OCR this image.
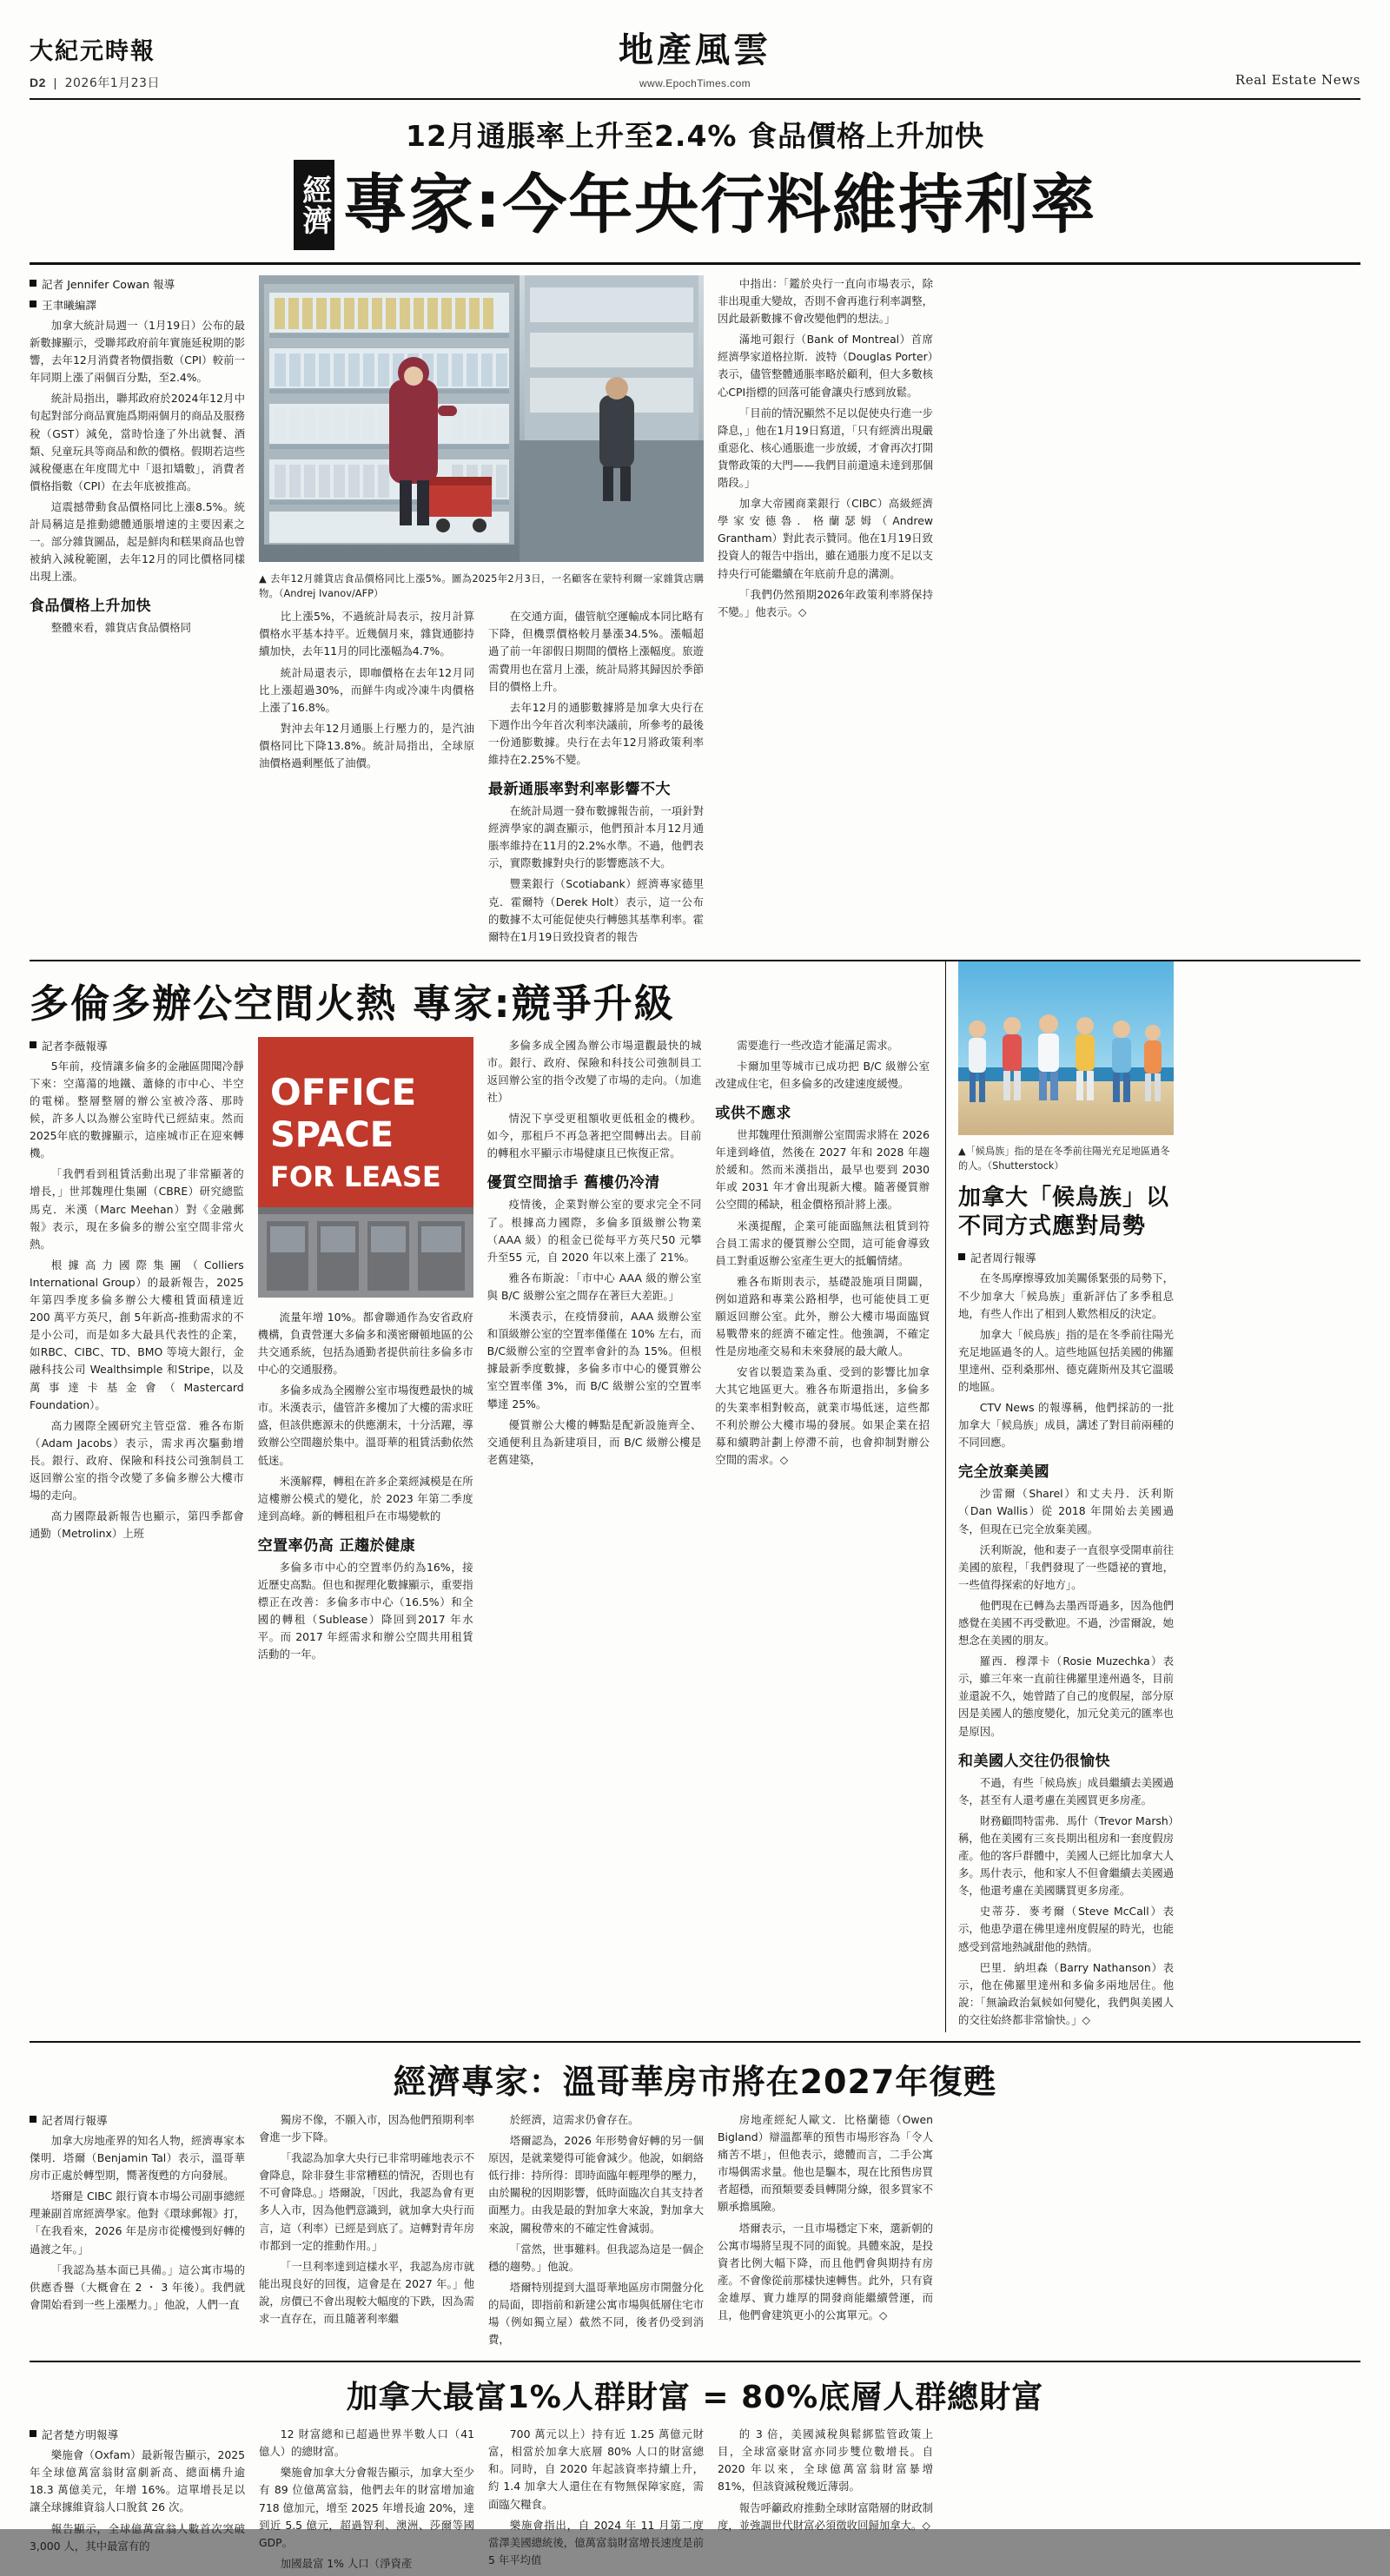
大紀元時報
D2  |  2026年1月23日
地產風雲
www.EpochTimes.com	Real Estate News
12月通脹率上升至2.4% 食品價格上升加快
經濟 專家:今年央行料維持利率
記者 Jennifer Cowan 報導
王聿曦編譯

加拿大統計局週一（1月19日）公布的最新數據顯示，受聯邦政府前年實施延稅期的影響，去年12月消費者物價指數（CPI）較前一年同期上漲了兩個百分點，至2.4%。

統計局指出，聯邦政府於2024年12月中旬起對部分商品實施爲期兩個月的商品及服務稅（GST）減免，當時恰逢了外出就餐、酒類、兒童玩具等商品和飲的價格。假期若這些減稅優惠在年度間尤中「退扣矯數」，消費者價格指數（CPI）在去年底被推高。

這震撼帶動食品價格同比上漲8.5%。統計局稱這是推動總體通脹增速的主要因素之一。部分雜貨圖品，起是鮮肉和糕果商品也曾被納入減稅範圍，去年12月的同比價格同樣出現上漲。

食品價格上升加快

整體來看，雜貨店食品價格同

▲ 去年12月雜貨店食品價格同比上漲5%。圖為2025年2月3日，一名顧客在蒙特利爾一家雜貨店購物。（Andrej Ivanov/AFP）

比上漲5%，不過統計局表示，按月計算價格水平基本持平。近幾個月來，雜貨通膨持續加快，去年11月的同比漲幅為4.7%。

統計局還表示，即咖價格在去年12月同比上漲超過30%，而鮮牛肉或冷凍牛肉價格上漲了16.8%。

對沖去年12月通脹上行壓力的，是汽油價格同比下降13.8%。統計局指出，全球原油價格過剩壓低了油價。

在交通方面，儘管航空運輸成本同比略有下降，但機票價格較月暴漲34.5%。漲幅超過了前一年卻假日期間的價格上漲幅度。旅遊需費用也在當月上漲，統計局將其歸因於季節目的價格上升。

去年12月的通膨數據將是加拿大央行在下週作出今年首次利率決議前，所參考的最後一份通膨數據。央行在去年12月將政策利率維持在2.25%不變。

最新通脹率對利率影響不大

在統計局週一發布數據報告前，一項針對經濟學家的調查顯示，他們預計本月12月通脹率維持在11月的2.2%水準。不過，他們表示，實際數據對央行的影響應該不大。

豐業銀行（Scotiabank）經濟專家德里克．霍爾特（Derek Holt）表示，這一公布的數據不太可能促使央行轉態其基準利率。霍爾特在1月19日致投資者的報告

中指出：「鑑於央行一直向市場表示，除非出現重大變故，否則不會再進行利率調整，因此最新數據不會改變他們的想法。」

滿地可銀行（Bank of Montreal）首席經濟學家道格拉斯．波特（Douglas Porter）表示，儘管整體通脹率略於顧利，但大多數核心CPI指標的回落可能會讓央行感到放鬆。

「目前的情況顯然不足以促使央行進一步降息，」他在1月19日寫道，「只有經濟出現嚴重惡化、核心通脹進一步放緩，才會再次打開貨幣政策的大門——我們目前還遠未達到那個階段。」

加拿大帝國商業銀行（CIBC）高級經濟學家安德魯．格蘭瑟姆（Andrew Grantham）對此表示贊同。他在1月19日致投資人的報告中指出，雖在通脹力度不足以支持央行可能繼續在年底前升息的溝測。

「我們仍然預期2026年政策利率將保持不變。」他表示。◇

多倫多辦公空間火熱 專家:競爭升級
記者李薇報導

5年前，疫情讓多倫多的金融區閒聞冷靜下來：空蕩蕩的地鐵、蕭條的市中心、半空的電梯。整層整層的辦公室被冷落、那時候，許多人以為辦公室時代已經結束。然而 2025年底的數據顯示，這座城市正在迎來轉機。

「我們看到租賃活動出現了非常顯著的增長，」世邦魏理仕集團（CBRE）研究總監馬克．米漢（Marc Meehan）對《金融郵報》表示，現在多倫多的辦公室空間非常火熱。

根據高力國際集團（Colliers International Group）的最新報告，2025年第四季度多倫多辦公大樓租賃面積達近 200 萬平方英尺，創 5年新高-推動需求的不是小公司，而是如多大最具代表性的企業，如RBC、CIBC、TD、BMO 等境大銀行，金融科技公司 Wealthsimple 和Stripe，以及萬事達卡基金會（Mastercard Foundation）。

高力國際全國研究主管亞當．雅各布斯（Adam Jacobs）表示，需求再次驅動增長。銀行、政府、保險和科技公司強制員工返回辦公室的指令改變了多倫多辦公大樓市場的走向。

高力國際最新報告也顯示，第四季都會通勤（Metrolinx）上班

OFFICE
SPACE
FOR LEASE

流量年增 10%。都會聯通作為安省政府機構，負責營運大多倫多和漢密爾頓地區的公共交通系統，包括為通勤者提供前往多倫多市中心的交通服務。

多倫多成為全國辦公室市場復甦最快的城市。米漢表示，儘管許多樓加了大樓的需求旺盛，但該供應源未的供應潮末，十分活躍，導致辦公空間趨於集中。溫哥華的租賃活動依然低迷。

米漢解釋，轉租在許多企業經減模是在所這樓辦公模式的變化，於 2023 年第二季度達到高峰。新的轉租租戶在市場變軟的

空置率仍高 正趨於健康

多倫多市中心的空置率仍約為16%，接近歷史高點。但也和握理化數據顯示，重要指標正在改善：多倫多市中心（16.5%）和全國的轉租（Sublease）降回到2017 年水平。而 2017 年經需求和辦公空間共用租賃活動的一年。

多倫多成全國為辦公市場還觀最快的城市。銀行、政府、保險和科技公司強制員工返回辦公室的指令改變了市場的走向。（加進社）

情況下享受更租額收更低租金的機秒。如今，那租戶不再急著把空間轉出去。目前的轉租水平顯示市場健康且已恢復正常。

優質空間搶手 舊樓仍冷清

疫情後，企業對辦公室的要求完全不同了。根據高力國際，多倫多頂級辦公物業（AAA 級）的租金已從每平方英尺50 元攀升至55 元，自 2020 年以來上漲了 21%。

雅各布斯說：「市中心 AAA 級的辦公室與 B/C 級辦公室之間存在著巨大差距。」

米漢表示，在疫情發前，AAA 級辦公室和頂級辦公室的空置率僅僅在 10% 左右，而B/C級辦公室的空置率會針的為 15%。但根據最新季度數據，多倫多市中心的優質辦公室空置率僅 3%，而 B/C 級辦公室的空置率攀達 25%。

優質辦公大樓的轉點是配新設施齊全、交通便利且為新建項目，而 B/C 級辦公樓是老舊建築，

需要進行一些改造才能滿足需求。

卡爾加里等城市已成功把 B/C 級辦公室改建成住宅，但多倫多的改建速度緩慢。

或供不應求

世邦魏理仕預測辦公室間需求將在 2026 年達到峰值，然後在 2027 年和 2028 年趨於緩和。然而米漢指出，最早也要到 2030 年或 2031 年才會出現新大樓。隨著優質辦公空間的稀缺，租金價格預計將上漲。

米漢提醒，企業可能面臨無法租賃到符合員工需求的優質辦公空間，這可能會導致員工對重返辦公室產生更大的抵觸情緒。

雅各布斯則表示，基礎設施項目開闢，例如道路和專業公路相學，也可能使員工更願返回辦公室。此外，辦公大樓市場面臨貿易戰帶來的經濟不確定性。他強調，不確定性是房地產交易和未來發展的最大敵人。

安省以製造業為重、受到的影響比加拿大其它地區更大。雅各布斯還指出，多倫多的失業率相對較高，就業市場低迷，這些都不利於辦公大樓市場的發展。如果企業在招募和續聘計劃上停滯不前，也會抑制對辦公空間的需求。◇

▲「候鳥族」指的是在冬季前往陽光充足地區過冬的人。（Shutterstock）
加拿大「候鳥族」以不同方式應對局勢
記者周行報導

在冬馬摩擦導致加美關係緊張的局勢下，不少加拿大「候鳥族」重新評估了多季租息地，有些人作出了相到人歎然相反的決定。

加拿大「候鳥族」指的是在冬季前往陽光充足地區過冬的人。這些地區包括美國的佛羅里達州、亞利桑那州、德克薩斯州及其它溫暖的地區。

CTV News 的報導稱，他們採訪的一批加拿大「候鳥族」成員，講述了對目前兩種的不同回應。

完全放棄美國

沙雷爾（Sharel）和丈夫丹．沃利斯（Dan Wallis）從 2018 年開始去美國過冬，但現在已完全放棄美國。

沃利斯說，他和妻子一直很享受開車前往美國的旅程，「我們發現了一些隱祕的寶地，一些值得探索的好地方」。

他們現在已轉為去墨西哥過多，因為他們感覺在美國不再受歡迎。不過，沙雷爾說，她想念在美國的朋友。

羅西．穆澤卡（Rosie Muzechka）表示，雖三年來一直前往佛羅里達州過冬，目前並還說不久，她曾踏了自己的度假屋，部分原因是美國人的態度變化，加元兌美元的匯率也是原因。

和美國人交往仍很愉快

不過，有些「候鳥族」成員繼續去美國過冬，甚至有人還考慮在美國買更多房產。

財務顧問特雷弗．馬什（Trevor Marsh）稱，他在美國有三亥長期出租房和一套度假房產。他的客戶群體中，美國人已經比加拿大人多。馬什表示，他和家人不但會繼續去美國過冬，他還考慮在美國購買更多房產。

史蒂芬．麥考爾（Steve McCall）表示，他患孕還在佛里達州度假屋的時光，也能感受到當地熱誠甜他的熱情。

巴里．納坦森（Barry Nathanson）表示，他在佛羅里達州和多倫多兩地居住。他說：「無論政治氣候如何變化，我們與美國人的交往始終都非常愉快。」◇

經濟專家：溫哥華房市將在2027年復甦
記者周行報導

加拿大房地產界的知名人物，經濟專家本傑明．塔爾（Benjamin Tal）表示，溫哥華房市正處於轉型期，嚮著復甦的方向發展。

塔爾是 CIBC 銀行資本市場公司副事總經理兼副首席經濟學家。他對《環球郵報》打，「在我看來，2026 年是房市從樓慢到好轉的過渡之年。」

「我認為基本面已具備。」這公寓市場的供應香譽（大概會在 2 ・ 3 年後）。我們就會開始看到一些上漲壓力。」他說，人們一直

獨房不像，不願入市，因為他們預期利率會進一步下降。

「我認為加拿大央行已非常明確地表示不會降息，除非發生非常糟糕的情況，否則也有不可會降息。」塔爾說，「因此，我認為會有更多人入市，因為他們意識到，就加拿大央行而言，這（利率）已經是到底了。這轉對青年房市都到一定的推動作用。」

「一旦利率達到這樣水平，我認為房市就能出現良好的回復，這會是在 2027 年。」他說，房價已不會出現較大幅度的下跌，因為需求一直存在，而且隨著利率繼

於經濟，這需求仍會存在。

塔爾認為，2026 年形勢會好轉的另一個原因，是就業變得可能會減少。他說，如網絡低行排：持所得：即時面臨年輕理學的壓力，由於關稅的因期影響，低時面臨次自其支持者面壓力。由我是最的對加拿大來說，對加拿大來說，關稅帶來的不確定性會減弱。

「當然，世事難料。但我認為這是一個企穩的趨勢。」他說。

塔爾特別提到大溫哥華地區房市開盤分化的局面，即指前和新建公寓市場與低層住宅市場（例如獨立屋）截然不同，後者仍受到消費，

房地產經紀人歐文．比格蘭德（Owen Bigland）辯溫都華的預售市場形容為「令人痛苦不堪」，但他表示，總體而言，二手公寓市場偶需求量。他也是驅本，現在比預售房買者超穩，而預類要委員轉開分線，很多買家不願承擔風險。

塔爾表示，一且市場穩定下來，選新朝的公寓市場將呈現不同的面貌。具體來說，是投資者比例大幅下降，而且他們會與期持有房產。不會像從前那樣快速轉售。此外，只有資金雄厚、實力雄厚的開發商能繼續營運，而且，他們會建筑更小的公寓單元。◇

加拿大最富1%人群財富 = 80%底層人群總財富
記者楚方明報導

樂施會（Oxfam）最新報告顯示，2025年全球億萬富翁財富劇新高、總面構升逾 18.3 萬億美元，年增 16%。這單增長足以讓全球據維資翁人口脫貧 26 次。

報告顯示，全球億萬富翁人數首次突破 3,000 人，其中最富有的

12 財富總和已超過世界半數人口（41 億人）的總財富。

樂施會加拿大分會報告顯示，加拿大至少有 89 位億萬富翁，他們去年的財富增加逾 718 億加元，增至 2025 年增長逾 20%，達到近 5.5 億元，超過智利、澳洲、莎爾等國 GDP。

加國最富 1% 人口（淨資產

700 萬元以上）持有近 1.25 萬億元財富，相當於加拿大底層 80% 人口的財富總和。同時，自 2020 年起該資率持續上升，約 1.4 加拿大人還住在有物無保障家庭，需面臨欠糧食。

樂施會指出，自 2024 年 11 月第二度當澤美國總統後，億萬富翁財富增長速度是前 5 年平均值

的 3 倍，美國減稅與鬆綁監管政策上目，全球富豪財富亦同步雙位數增長。自 2020 年以來，全球億萬富翁財富暴增 81%，但該資減稅幾近薄弱。

報告呼籲政府推動全球財富階層的財政制度，並強調世代財富必須徵收回歸加拿大。◇
